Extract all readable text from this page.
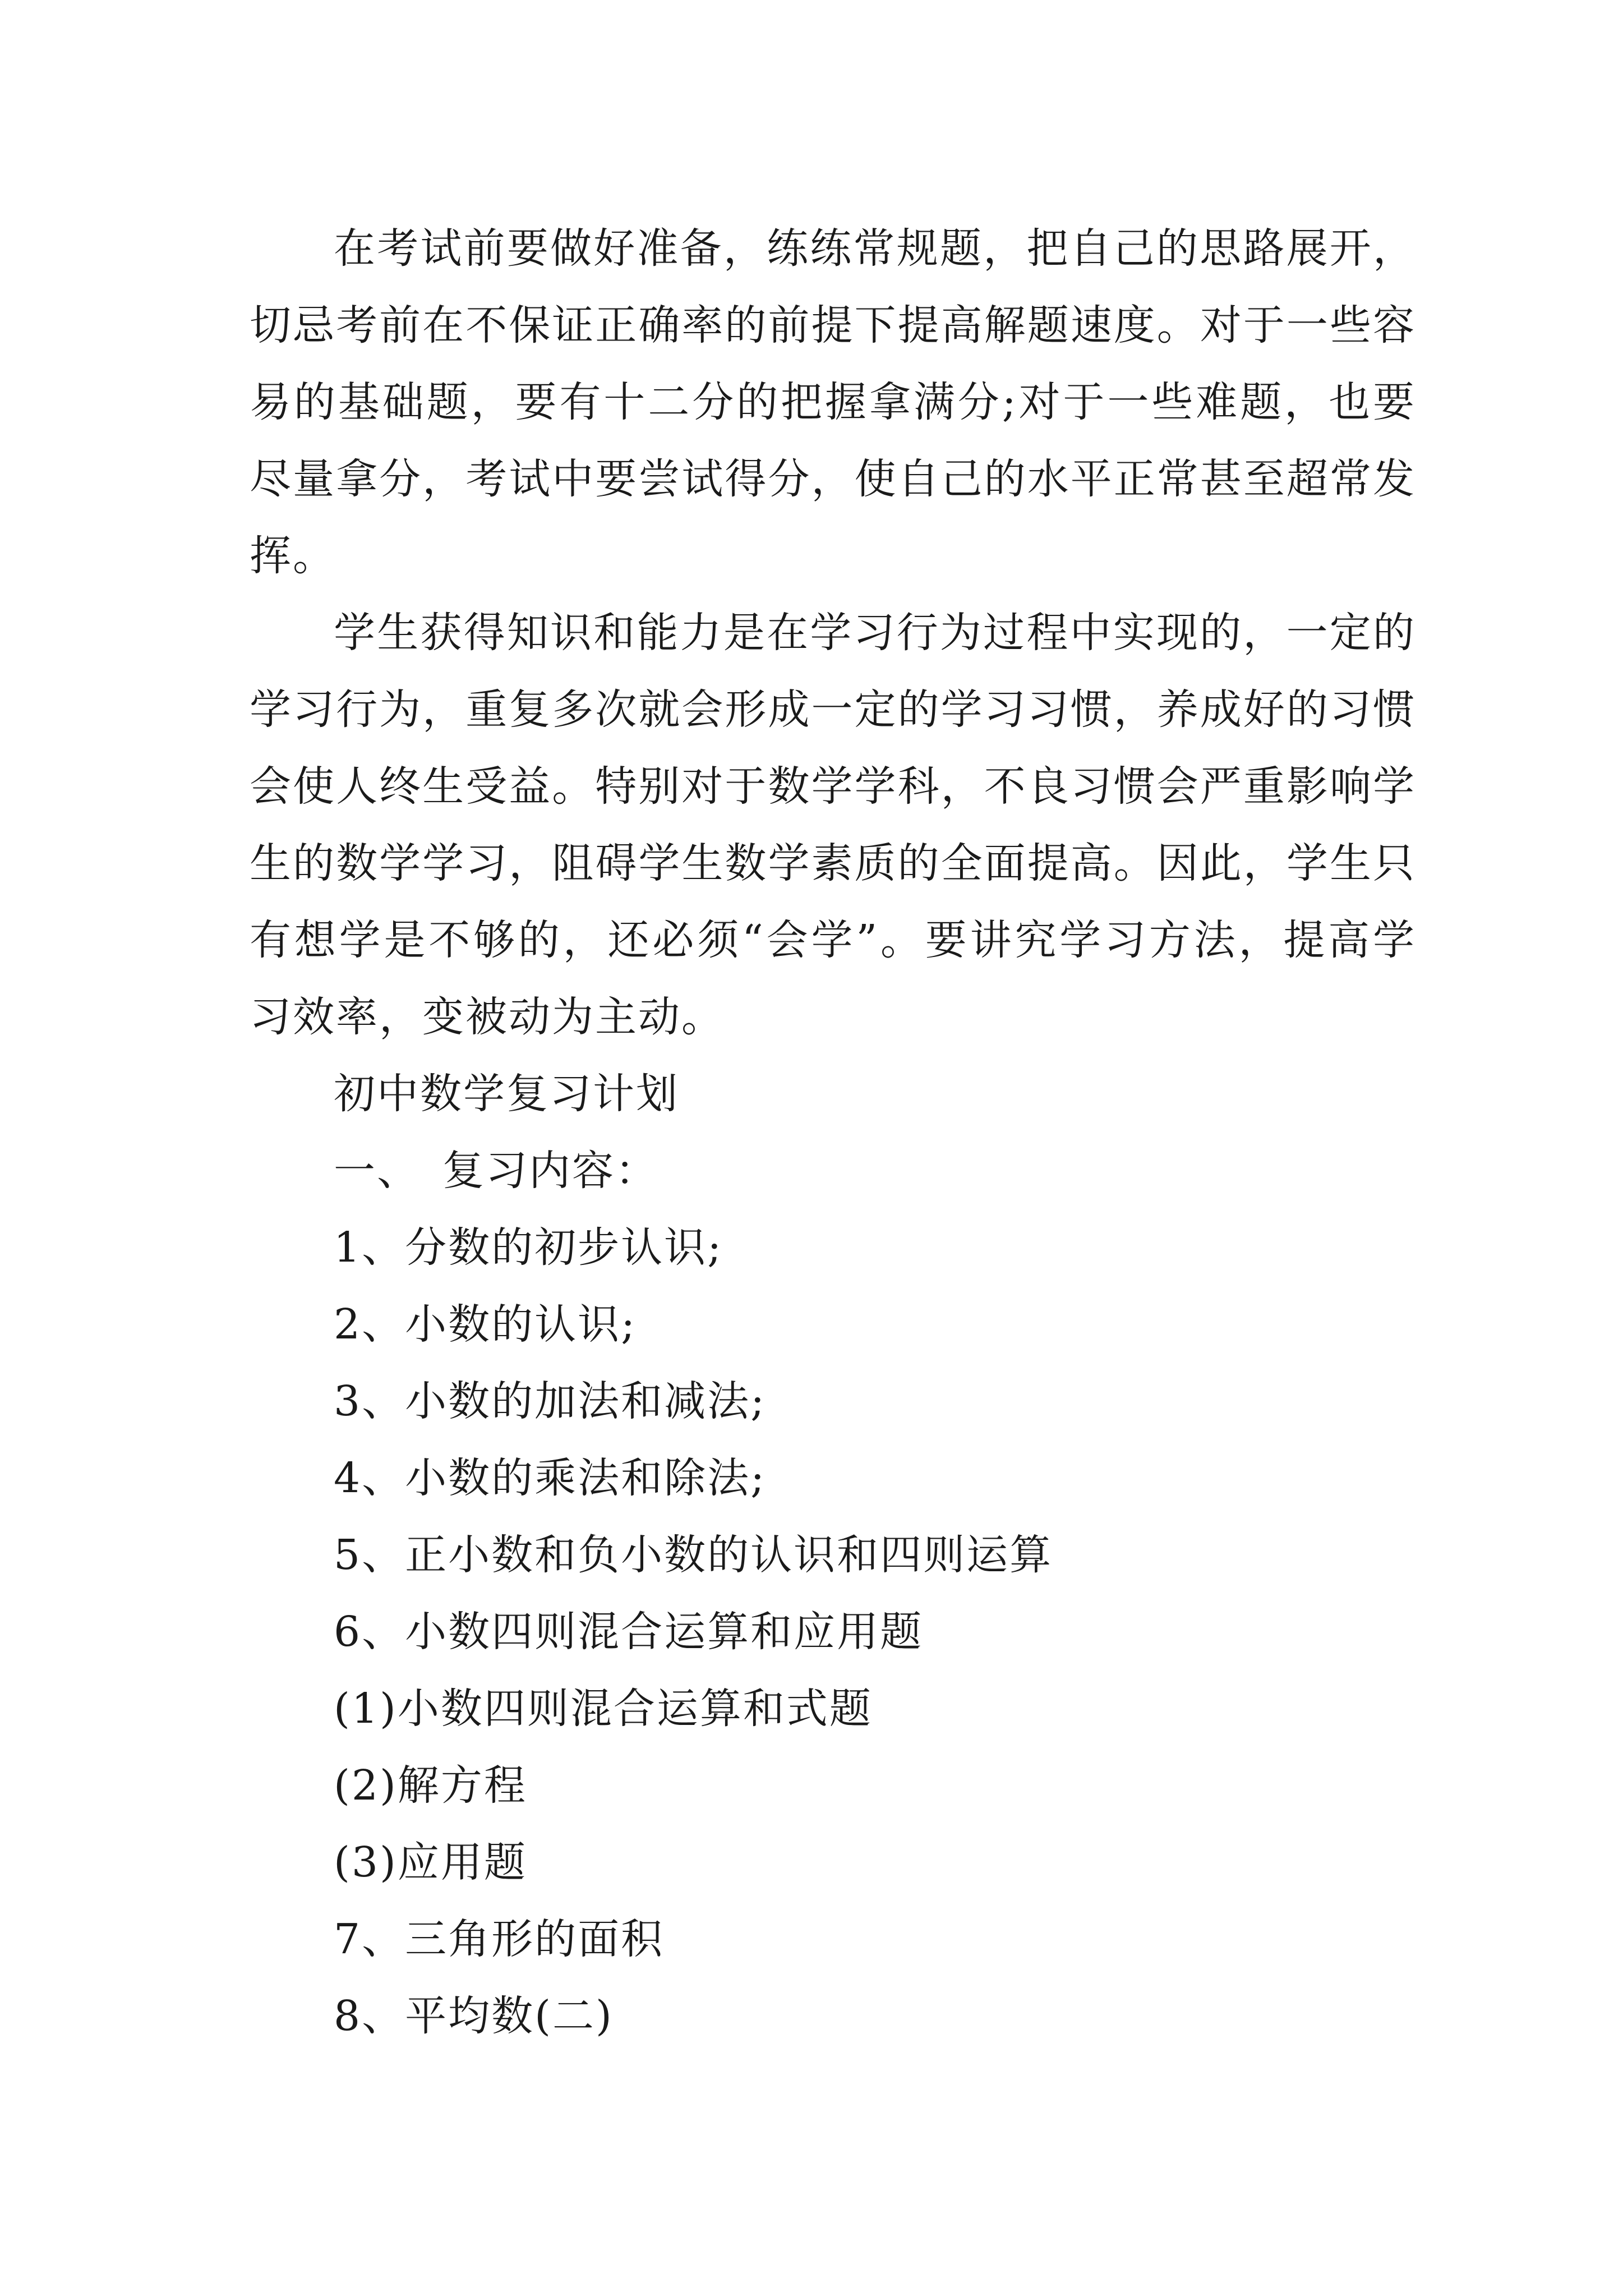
在考试前要做好准备，练练常规题，把自己的思路展开，切忌考前在不保证正确率的前提下提高解题速度。对于一些容易的基础题，要有十二分的把握拿满分;对于一些难题，也要尽量拿分，考试中要尝试得分，使自己的水平正常甚至超常发挥。

学生获得知识和能力是在学习行为过程中实现的，一定的学习行为，重复多次就会形成一定的学习习惯，养成好的习惯会使人终生受益。特别对于数学学科，不良习惯会严重影响学生的数学学习，阻碍学生数学素质的全面提高。因此，学生只有想学是不够的，还必须“会学”。要讲究学习方法，提高学习效率，变被动为主动。

初中数学复习计划

一、　复习内容：

1、分数的初步认识;

2、小数的认识;

3、小数的加法和减法;

4、小数的乘法和除法;

5、正小数和负小数的认识和四则运算

6、小数四则混合运算和应用题

(1)小数四则混合运算和式题

(2)解方程

(3)应用题

7、三角形的面积

8、平均数(二)
